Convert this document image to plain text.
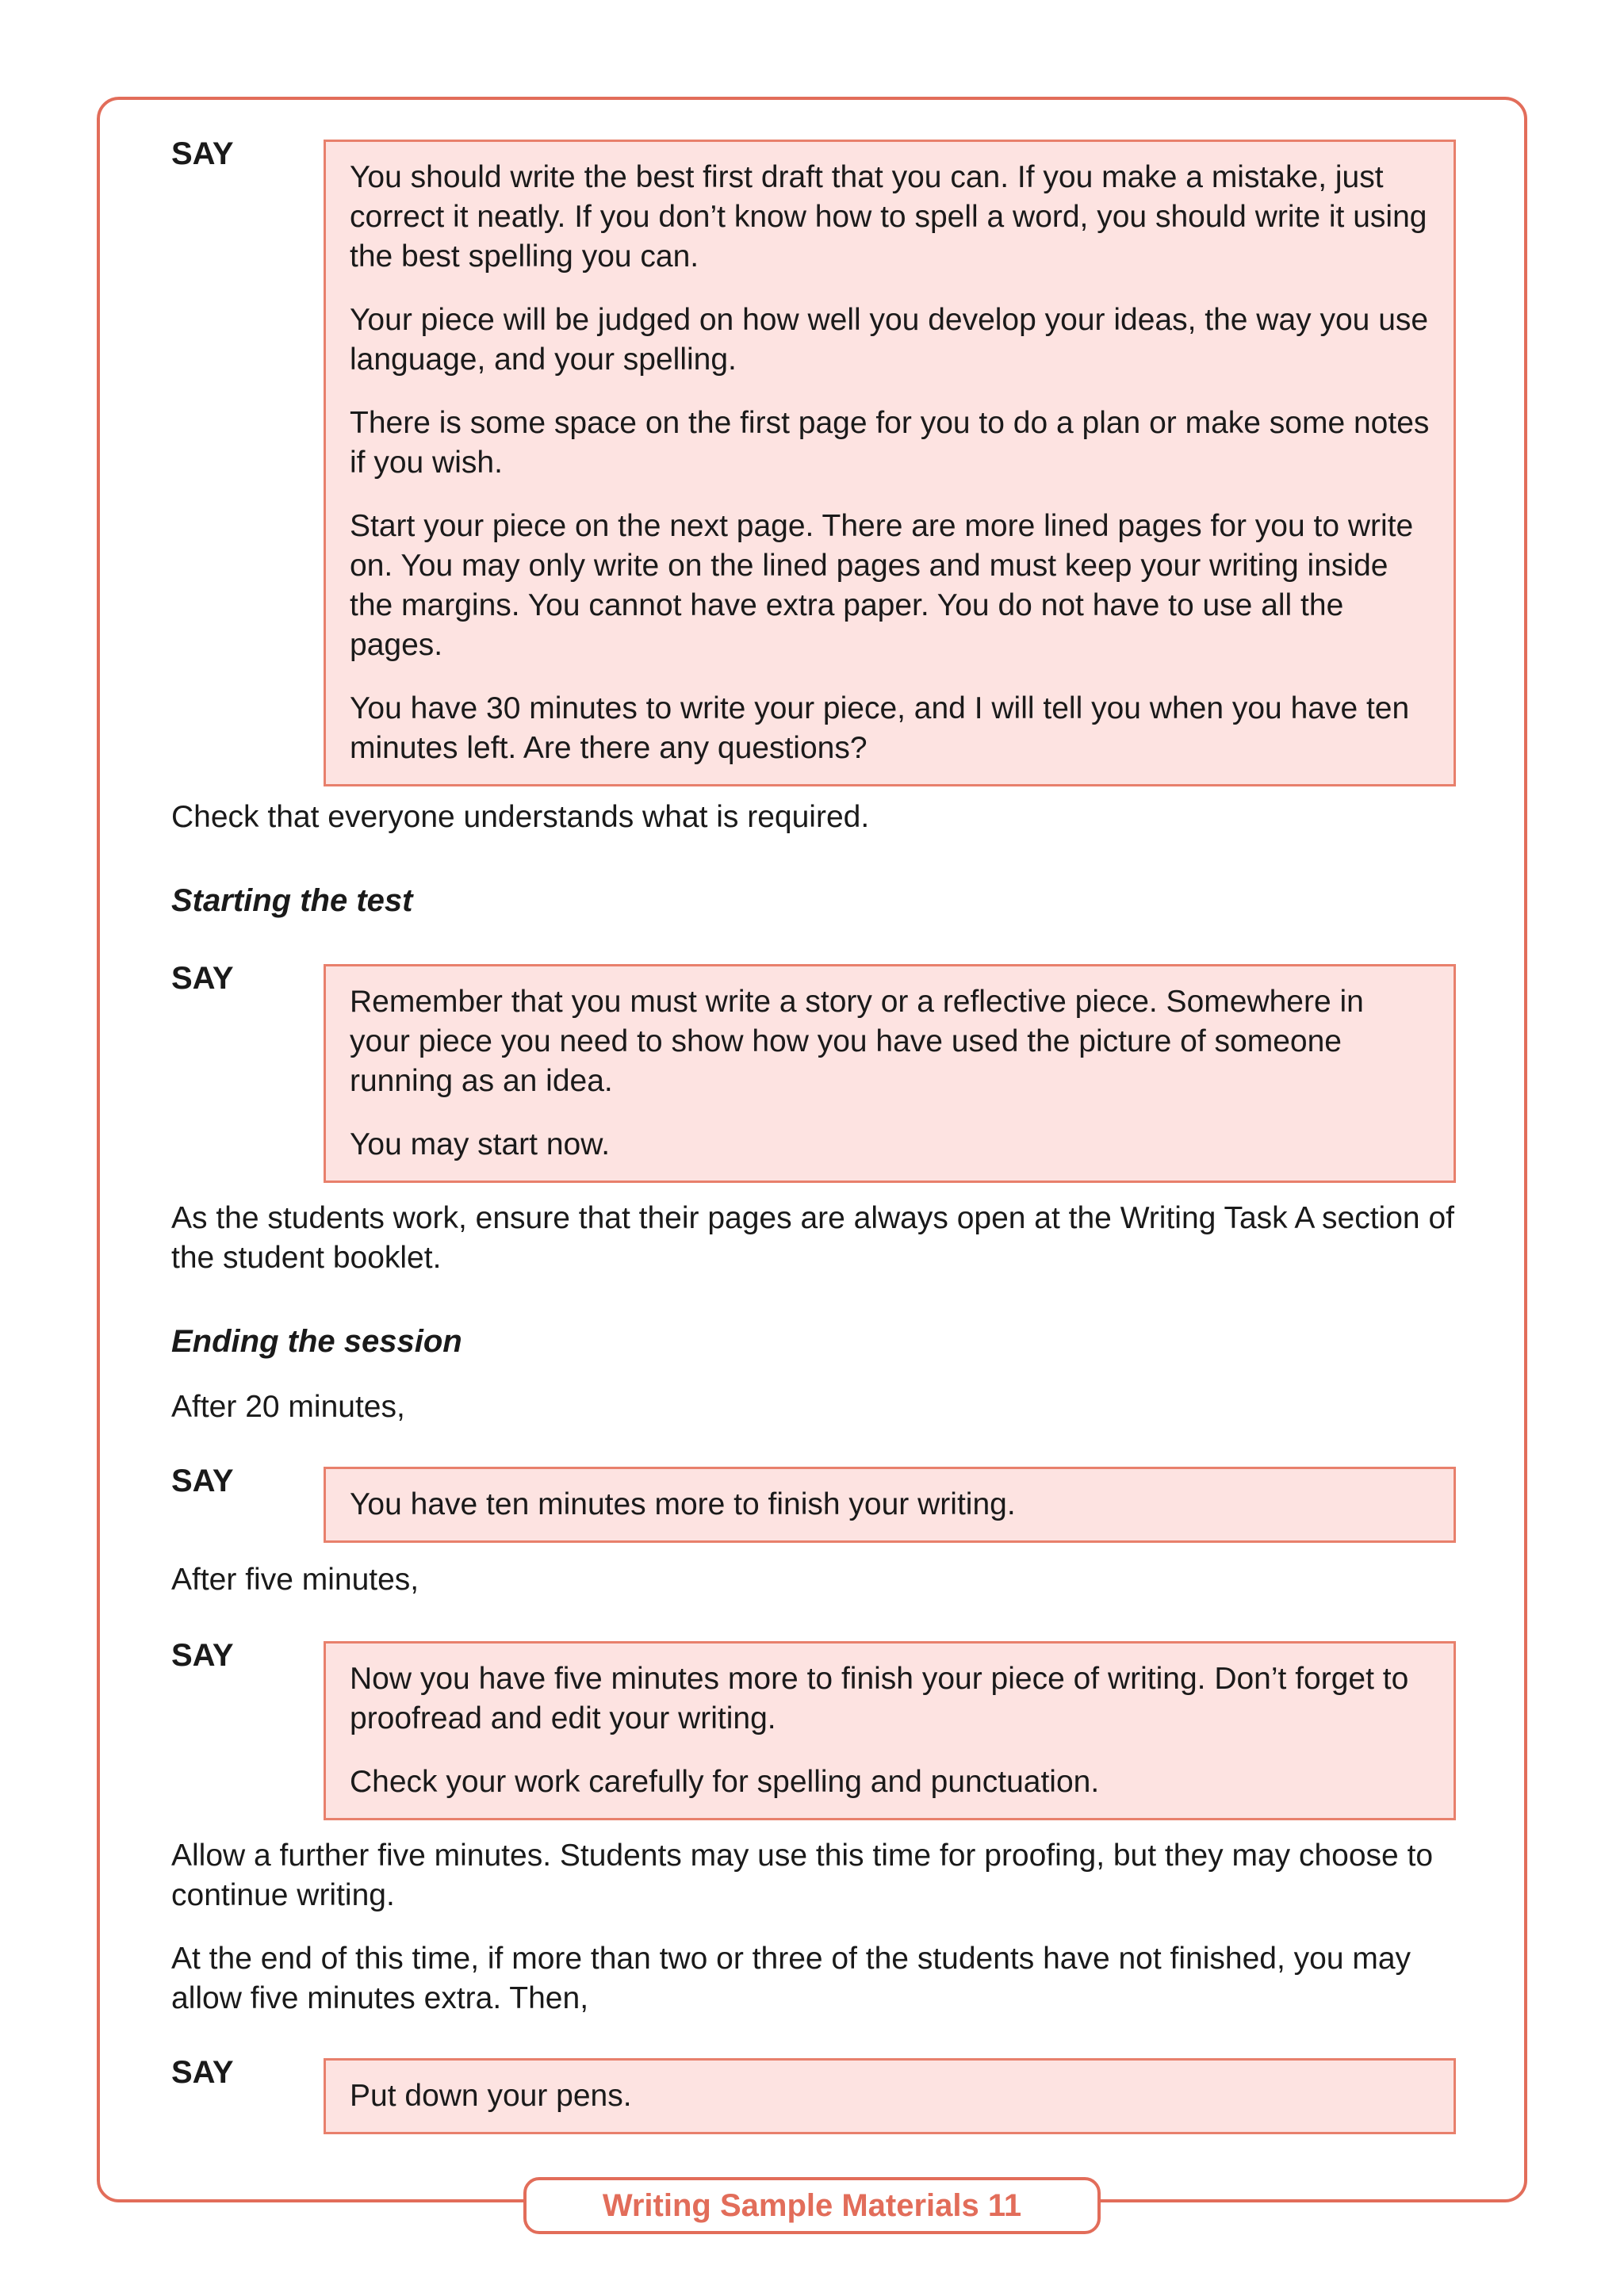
SAY

You should write the best first draft that you can. If you make a mistake, just correct it neatly. If you don’t know how to spell a word, you should write it using the best spelling you can.

Your piece will be judged on how well you develop your ideas, the way you use language, and your spelling.

There is some space on the first page for you to do a plan or make some notes if you wish.

Start your piece on the next page. There are more lined pages for you to write on. You may only write on the lined pages and must keep your writing inside the margins. You cannot have extra paper. You do not have to use all the pages.

You have 30 minutes to write your piece, and I will tell you when you have ten minutes left. Are there any questions?

Check that everyone understands what is required.

Starting the test

SAY

Remember that you must write a story or a reflective piece. Somewhere in your piece you need to show how you have used the picture of someone running as an idea.

You may start now.

As the students work, ensure that their pages are always open at the Writing Task A section of the student booklet.

Ending the session

After 20 minutes,

SAY

You have ten minutes more to finish your writing.

After five minutes,

SAY

Now you have five minutes more to finish your piece of writing. Don’t forget to proofread and edit your writing.

Check your work carefully for spelling and punctuation.

Allow a further five minutes. Students may use this time for proofing, but they may choose to continue writing.

At the end of this time, if more than two or three of the students have not finished, you may allow five minutes extra. Then,

SAY

Put down your pens.

Writing Sample Materials 11
